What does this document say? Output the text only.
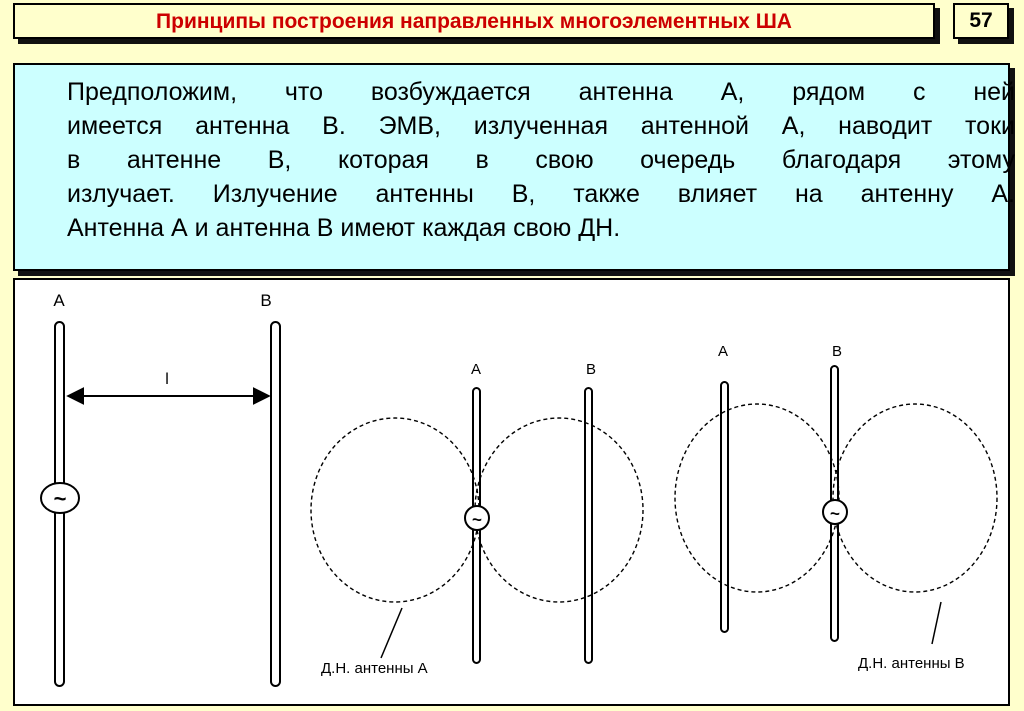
Принципы построения направленных многоэлементных ША	57

Предположим, что возбуждается антенна А, рядом с ней
имеется антенна В. ЭМВ, излученная антенной А, наводит токи
в антенне В, которая в свою очередь благодаря этому
излучает. Излучение антенны В, также влияет на антенну А.
Антенна А и антенна В имеют каждая свою ДН.

А	В
l
~
А	В
~
Д.Н. антенны А
А	В
~
Д.Н. антенны В
